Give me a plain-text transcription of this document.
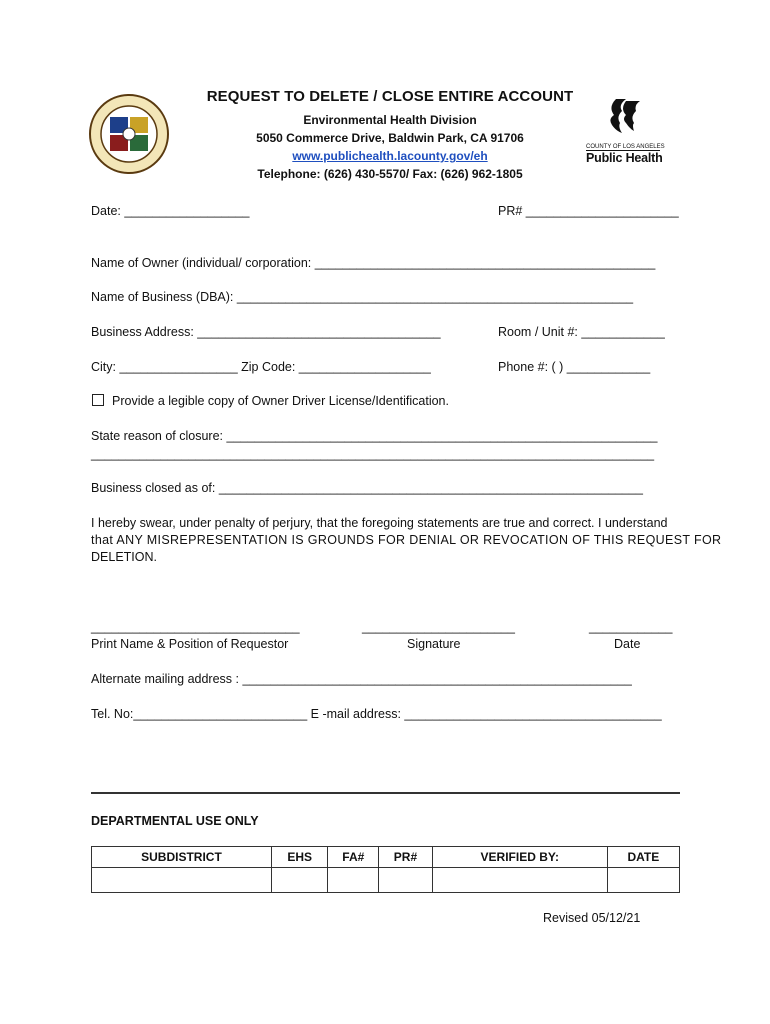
REQUEST TO DELETE / CLOSE ENTIRE ACCOUNT
Environmental Health Division
5050 Commerce Drive, Baldwin Park, CA 91706
www.publichealth.lacounty.gov/eh
Telephone: (626) 430-5570/ Fax: (626) 962-1805
COUNTY OF LOS ANGELES
Public Health
Date: __________________	PR# ______________________
Name of Owner (individual/ corporation: _________________________________________________
Name of Business (DBA): _________________________________________________________
Business Address: ___________________________________	Room / Unit #: ____________
City: _________________ Zip Code: ___________________	Phone #: ( ) ____________
Provide a legible copy of Owner Driver License/Identification.
State reason of closure: ______________________________________________________________
_________________________________________________________________________________
Business closed as of: _____________________________________________________________
I hereby swear, under penalty of perjury, that the foregoing statements are true and correct. I understand
that ANY MISREPRESENTATION IS GROUNDS FOR DENIAL OR REVOCATION OF THIS REQUEST FOR
DELETION.
______________________________	______________________	____________
Print Name & Position of Requestor	Signature	Date
Alternate mailing address : ________________________________________________________
Tel. No:_________________________ E -mail address: _____________________________________
DEPARTMENTAL USE ONLY
SUBDISTRICT	EHS	FA#	PR#	VERIFIED BY:	DATE

Revised 05/12/21
